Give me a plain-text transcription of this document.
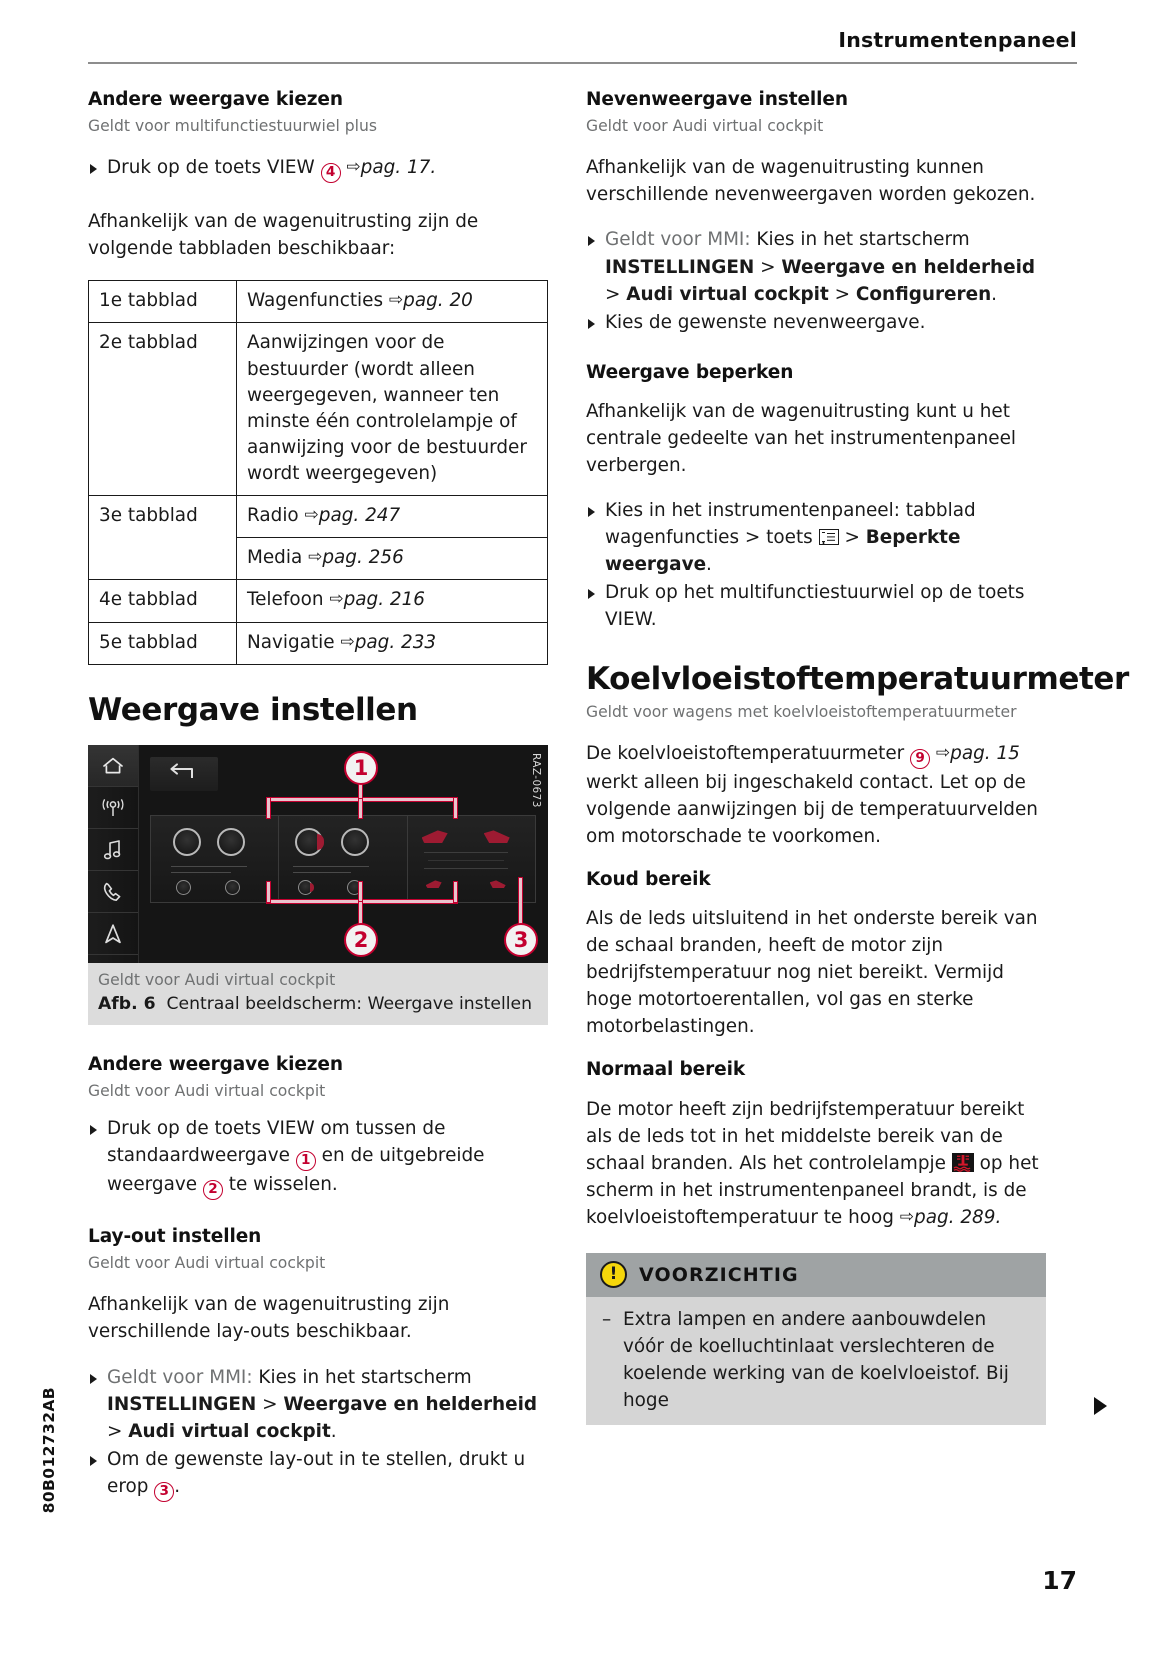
Instrumentenpaneel
80B012732AB
17
Andere weergave kiezen
Geldt voor multifunctiestuurwiel plus
Druk op de toets VIEW 4 ⇨pag. 17.

Afhankelijk van de wagenuitrusting zijn de volgende tabbladen beschikbaar:

1e tabblad	Wagenfuncties ⇨pag. 20
2e tabblad	Aanwijzingen voor de bestuurder (wordt alleen weergegeven, wanneer ten minste één controlelampje of aanwijzing voor de bestuurder wordt weergegeven)
3e tabblad	Radio ⇨pag. 247
	Media ⇨pag. 256
4e tabblad	Telefoon ⇨pag. 216
5e tabblad	Navigatie ⇨pag. 233
Weergave instellen
RAZ-0673
1
2	3
Geldt voor Audi virtual cockpit
Afb. 6 Centraal beeldscherm: Weergave instellen
Andere weergave kiezen
Geldt voor Audi virtual cockpit
Druk op de toets VIEW om tussen de standaardweergave 1 en de uitgebreide weergave 2 te wisselen.
Lay-out instellen
Geldt voor Audi virtual cockpit

Afhankelijk van de wagenuitrusting zijn verschillende lay-outs beschikbaar.

Geldt voor MMI: Kies in het startscherm INSTELLINGEN > Weergave en helderheid > Audi virtual cockpit.
Om de gewenste lay-out in te stellen, drukt u erop 3 .
Nevenweergave instellen
Geldt voor Audi virtual cockpit

Afhankelijk van de wagenuitrusting kunnen verschillende nevenweergaven worden gekozen.

Geldt voor MMI: Kies in het startscherm INSTELLINGEN > Weergave en helderheid > Audi virtual cockpit > Configureren.
Kies de gewenste nevenweergave.
Weergave beperken

Afhankelijk van de wagenuitrusting kunt u het centrale gedeelte van het instrumentenpaneel verbergen.

Kies in het instrumentenpaneel: tabblad wagenfuncties > toets > Beperkte weergave.
Druk op het multifunctiestuurwiel op de toets VIEW.
Koelvloeistoftemperatuurmeter
Geldt voor wagens met koelvloeistoftemperatuurmeter

De koelvloeistoftemperatuurmeter 9 ⇨pag. 15 werkt alleen bij ingeschakeld contact. Let op de volgende aanwijzingen bij de temperatuurvelden om motorschade te voorkomen.

Koud bereik

Als de leds uitsluitend in het onderste bereik van de schaal branden, heeft de motor zijn bedrijfstemperatuur nog niet bereikt. Vermijd hoge motortoerentallen, vol gas en sterke motorbelastingen.

Normaal bereik

De motor heeft zijn bedrijfstemperatuur bereikt als de leds tot in het middelste bereik van de schaal branden. Als het controlelampje op het scherm in het instrumentenpaneel brandt, is de koelvloeistoftemperatuur te hoog ⇨pag. 289.

!	VOORZICHTIG
– Extra lampen en andere aanbouwdelen vóór de koelluchtinlaat verslechteren de koelende werking van de koelvloeistof. Bij hoge
